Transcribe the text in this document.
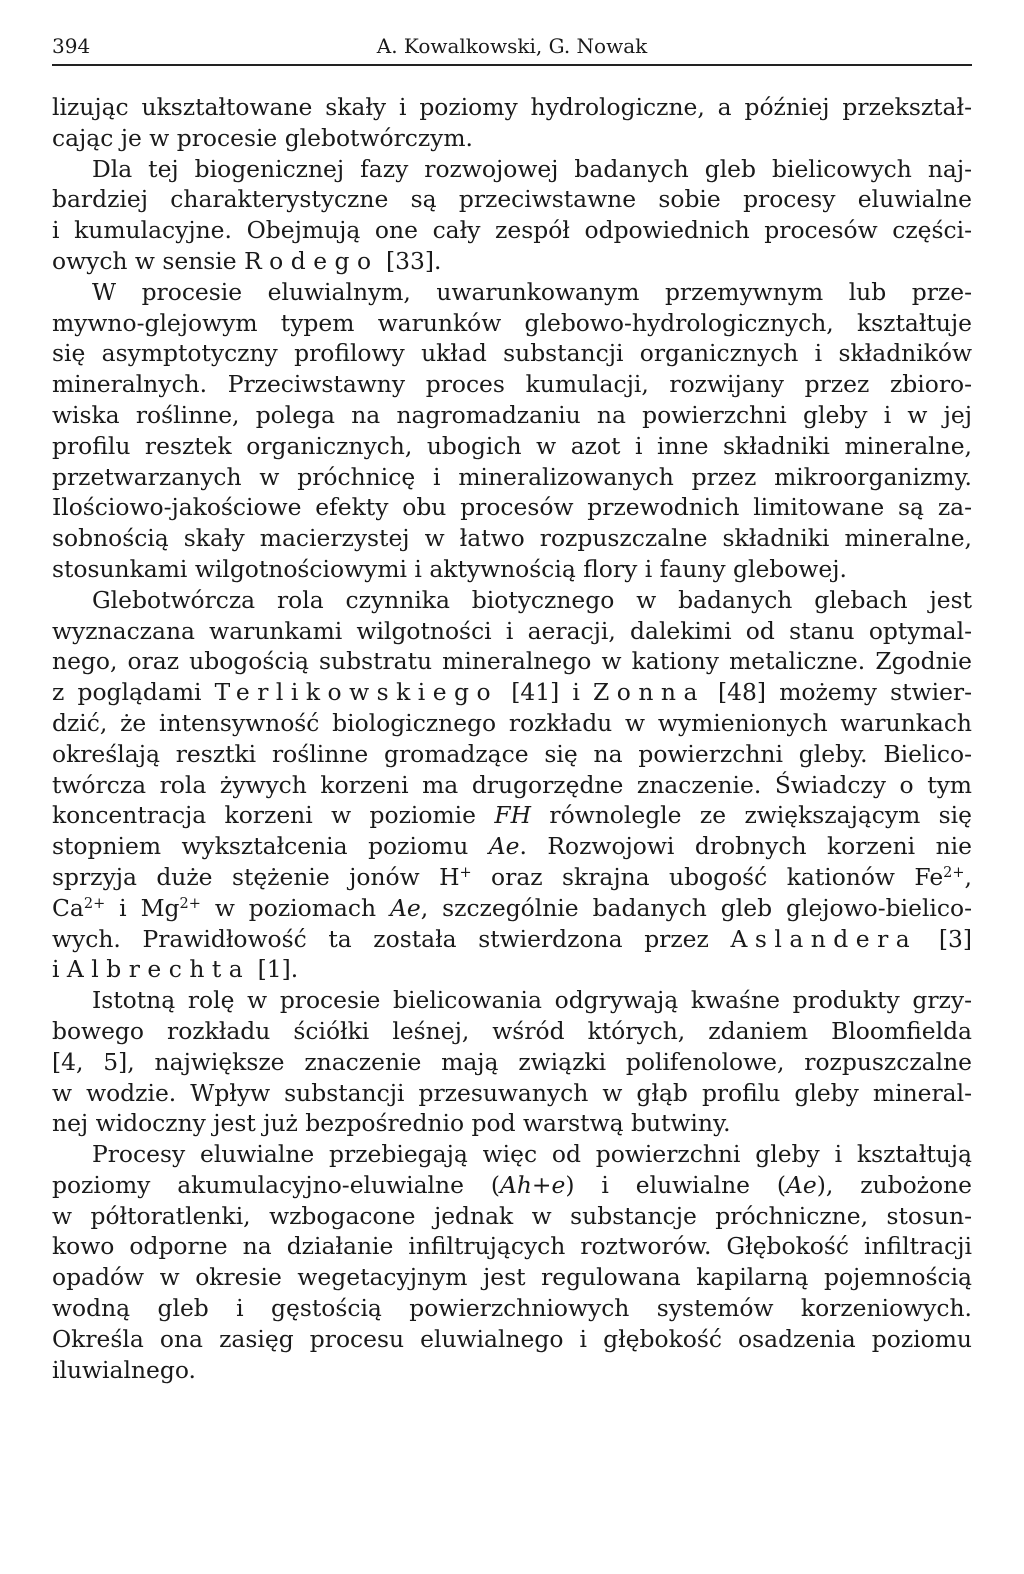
394	A. Kowalkowski, G. Nowak
lizując ukształtowane skały i poziomy hydrologiczne, a później przekształ-
cając je w procesie glebotwórczym.
Dla tej biogenicznej fazy rozwojowej badanych gleb bielicowych naj-
bardziej charakterystyczne są przeciwstawne sobie procesy eluwialne
i kumulacyjne. Obejmują one cały zespół odpowiednich procesów części-
owych w sensie Rodego [33].
W procesie eluwialnym, uwarunkowanym przemywnym lub prze-
mywno-glejowym typem warunków glebowo-hydrologicznych, kształtuje
się asymptotyczny profilowy układ substancji organicznych i składników
mineralnych. Przeciwstawny proces kumulacji, rozwijany przez zbioro-
wiska roślinne, polega na nagromadzaniu na powierzchni gleby i w jej
profilu resztek organicznych, ubogich w azot i inne składniki mineralne,
przetwarzanych w próchnicę i mineralizowanych przez mikroorganizmy.
Ilościowo-jakościowe efekty obu procesów przewodnich limitowane są za-
sobnością skały macierzystej w łatwo rozpuszczalne składniki mineralne,
stosunkami wilgotnościowymi i aktywnością flory i fauny glebowej.
Glebotwórcza rola czynnika biotycznego w badanych glebach jest
wyznaczana warunkami wilgotności i aeracji, dalekimi od stanu optymal-
nego, oraz ubogością substratu mineralnego w kationy metaliczne. Zgodnie
z poglądami Terlikowskiego [41] i Zonna [48] możemy stwier-
dzić, że intensywność biologicznego rozkładu w wymienionych warunkach
określają resztki roślinne gromadzące się na powierzchni gleby. Bielico-
twórcza rola żywych korzeni ma drugorzędne znaczenie. Świadczy o tym
koncentracja korzeni w poziomie FH równolegle ze zwiększającym się
stopniem wykształcenia poziomu Ae. Rozwojowi drobnych korzeni nie
sprzyja duże stężenie jonów H+ oraz skrajna ubogość kationów $Fe^{2+}$,
$Ca^{2+}$ i $Mg^{2+}$ w poziomach Ae, szczególnie badanych gleb glejowo-bielico-
wych. Prawidłowość ta została stwierdzona przez Aslandera [3]
i Albrechta [1].
Istotną rolę w procesie bielicowania odgrywają kwaśne produkty grzy-
bowego rozkładu ściółki leśnej, wśród których, zdaniem Bloomfielda
[4, 5], największe znaczenie mają związki polifenolowe, rozpuszczalne
w wodzie. Wpływ substancji przesuwanych w głąb profilu gleby mineral-
nej widoczny jest już bezpośrednio pod warstwą butwiny.
Procesy eluwialne przebiegają więc od powierzchni gleby i kształtują
poziomy akumulacyjno-eluwialne (Ah+e) i eluwialne (Ae), zubożone
w półtoratlenki, wzbogacone jednak w substancje próchniczne, stosun-
kowo odporne na działanie infiltrujących roztworów. Głębokość infiltracji
opadów w okresie wegetacyjnym jest regulowana kapilarną pojemnością
wodną gleb i gęstością powierzchniowych systemów korzeniowych.
Określa ona zasięg procesu eluwialnego i głębokość osadzenia poziomu
iluwialnego.
